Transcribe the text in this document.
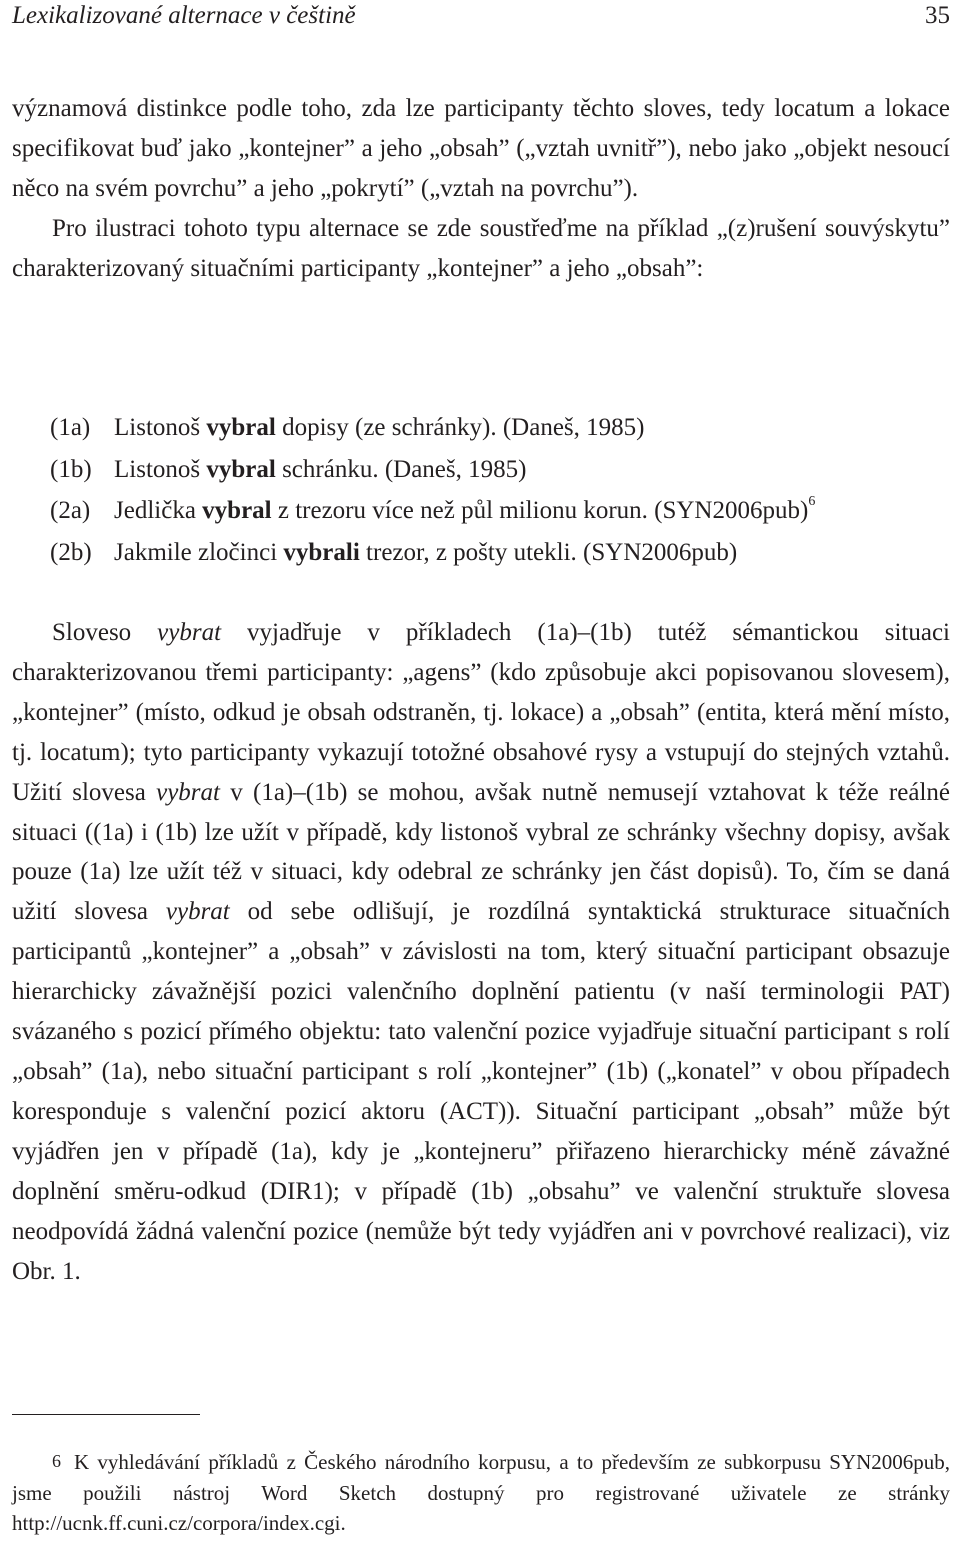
Lexikalizované alternace v češtině	35

významová distinkce podle toho, zda lze participanty těchto sloves, tedy locatum a lokace specifikovat buď jako „kontejner” a jeho „obsah” („vztah uvnitř”), nebo jako „objekt nesoucí něco na svém povrchu” a jeho „pokrytí” („vztah na povrchu”).
Pro ilustraci tohoto typu alternace se zde soustřeďme na příklad „(z)rušení souvýskytu” charakterizovaný situačními participanty „kontejner” a jeho „obsah”:

(1a) Listonoš vybral dopisy (ze schránky). (Daneš, 1985)
(1b) Listonoš vybral schránku. (Daneš, 1985)
(2a) Jedlička vybral z trezoru více než půl milionu korun. $(SYN2006pub)^6$
(2b) Jakmile zločinci vybrali trezor, z pošty utekli. (SYN2006pub)

Sloveso vybrat vyjadřuje v příkladech (1a)–(1b) tutéž sémantickou situaci charakterizovanou třemi participanty: „agens” (kdo způsobuje akci popisovanou slovesem), „kontejner” (místo, odkud je obsah odstraněn, tj. lokace) a „obsah” (entita, která mění místo, tj. locatum); tyto participanty vykazují totožné obsahové rysy a vstupují do stejných vztahů. Užití slovesa vybrat v (1a)–(1b) se mohou, avšak nutně nemusejí vztahovat k téže reálné situaci ((1a) i (1b) lze užít v případě, kdy listonoš vybral ze schránky všechny dopisy, avšak pouze (1a) lze užít též v situaci, kdy odebral ze schránky jen část dopisů). To, čím se daná užití slovesa vybrat od sebe odlišují, je rozdílná syntaktická strukturace situačních participantů „kontejner” a „obsah” v závislosti na tom, který situační participant obsazuje hierarchicky závažnější pozici valenčního doplnění patientu (v naší terminologii PAT) svázaného s pozicí přímého objektu: tato valenční pozice vyjadřuje situační participant s rolí „obsah” (1a), nebo situační participant s rolí „kontejner” (1b) („konatel” v obou případech koresponduje s valenční pozicí aktoru (ACT)). Situační participant „obsah” může být vyjádřen jen v případě (1a), kdy je „kontejneru” přiřazeno hierarchicky méně závažné doplnění směru-odkud (DIR1); v případě (1b) „obsahu” ve valenční struktuře slovesa neodpovídá žádná valenční pozice (nemůže být tedy vyjádřen ani v povrchové realizaci), viz Obr. 1.

6 K vyhledávání příkladů z Českého národního korpusu, a to především ze subkorpusu SYN2006pub, jsme použili nástroj Word Sketch dostupný pro registrované uživatele ze stránky http://ucnk.ff.cuni.cz/corpora/index.cgi.
